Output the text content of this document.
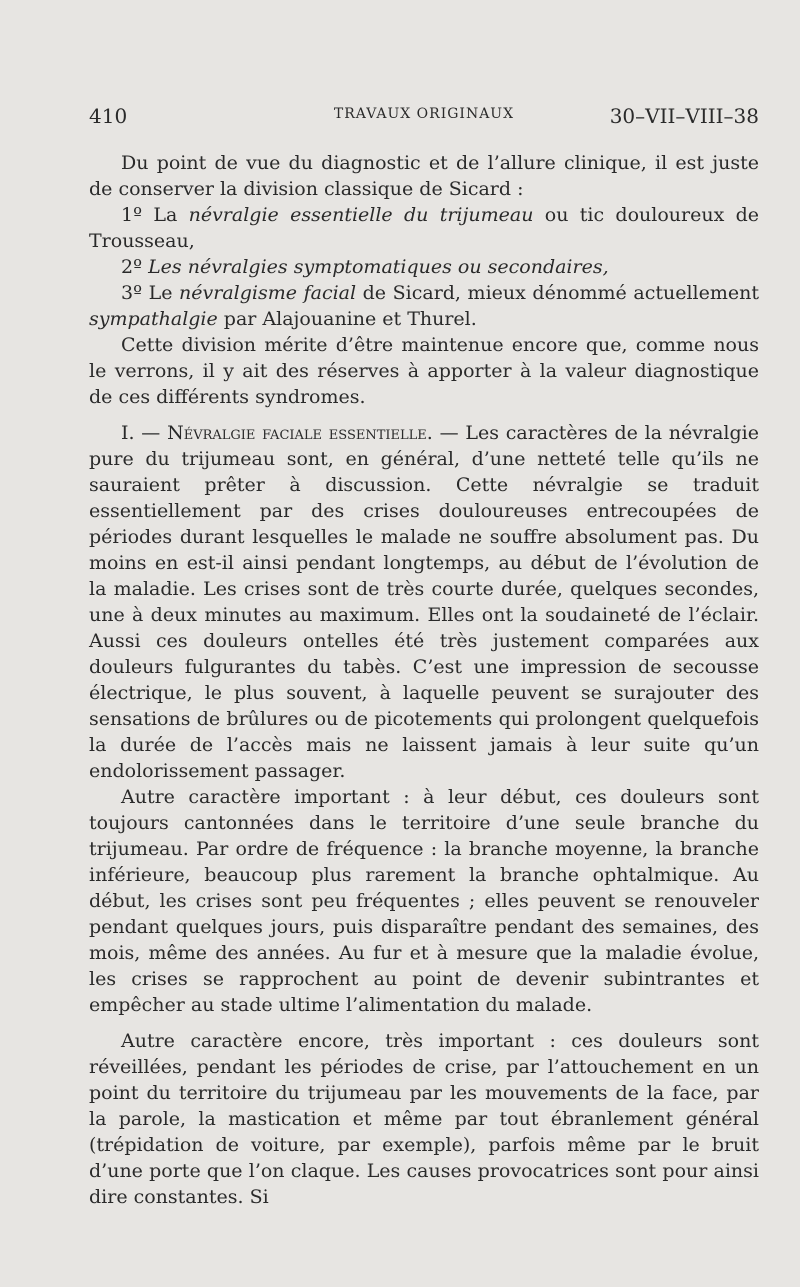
410	TRAVAUX ORIGINAUX	30–VII–VIII–38

Du point de vue du diagnostic et de l’allure clinique, il est juste de conserver la division classique de Sicard :

1º La névralgie essentielle du trijumeau ou tic douloureux de Trousseau,

2º Les névralgies symptomatiques ou secondaires,

3º Le névralgisme facial de Sicard, mieux dénommé actuellement sympathalgie par Alajouanine et Thurel.

Cette division mérite d’être maintenue encore que, comme nous le verrons, il y ait des réserves à apporter à la valeur diagnostique de ces différents syndromes.

I. — Névralgie faciale essentielle. — Les caractères de la névralgie pure du trijumeau sont, en général, d’une netteté telle qu’ils ne sauraient prêter à discussion. Cette névralgie se traduit essentiellement par des crises douloureuses entrecoupées de périodes durant lesquelles le malade ne souffre absolument pas. Du moins en est-il ainsi pendant longtemps, au début de l’évolution de la maladie. Les crises sont de très courte durée, quelques secondes, une à deux minutes au maximum. Elles ont la soudaineté de l’éclair. Aussi ces douleurs ontelles été très justement comparées aux douleurs fulgurantes du tabès. C’est une impression de secousse électrique, le plus souvent, à laquelle peuvent se surajouter des sensations de brûlures ou de picotements qui prolongent quelquefois la durée de l’accès mais ne laissent jamais à leur suite qu’un endolorissement passager.

Autre caractère important : à leur début, ces douleurs sont toujours cantonnées dans le territoire d’une seule branche du trijumeau. Par ordre de fréquence : la branche moyenne, la branche inférieure, beaucoup plus rarement la branche ophtalmique. Au début, les crises sont peu fréquentes ; elles peuvent se renouveler pendant quelques jours, puis disparaître pendant des semaines, des mois, même des années. Au fur et à mesure que la maladie évolue, les crises se rapprochent au point de devenir subintrantes et empêcher au stade ultime l’alimentation du malade.

Autre caractère encore, très important : ces douleurs sont réveillées, pendant les périodes de crise, par l’attouchement en un point du territoire du trijumeau par les mouvements de la face, par la parole, la mastication et même par tout ébranlement général (trépidation de voiture, par exemple), parfois même par le bruit d’une porte que l’on claque. Les causes provocatrices sont pour ainsi dire constantes. Si
